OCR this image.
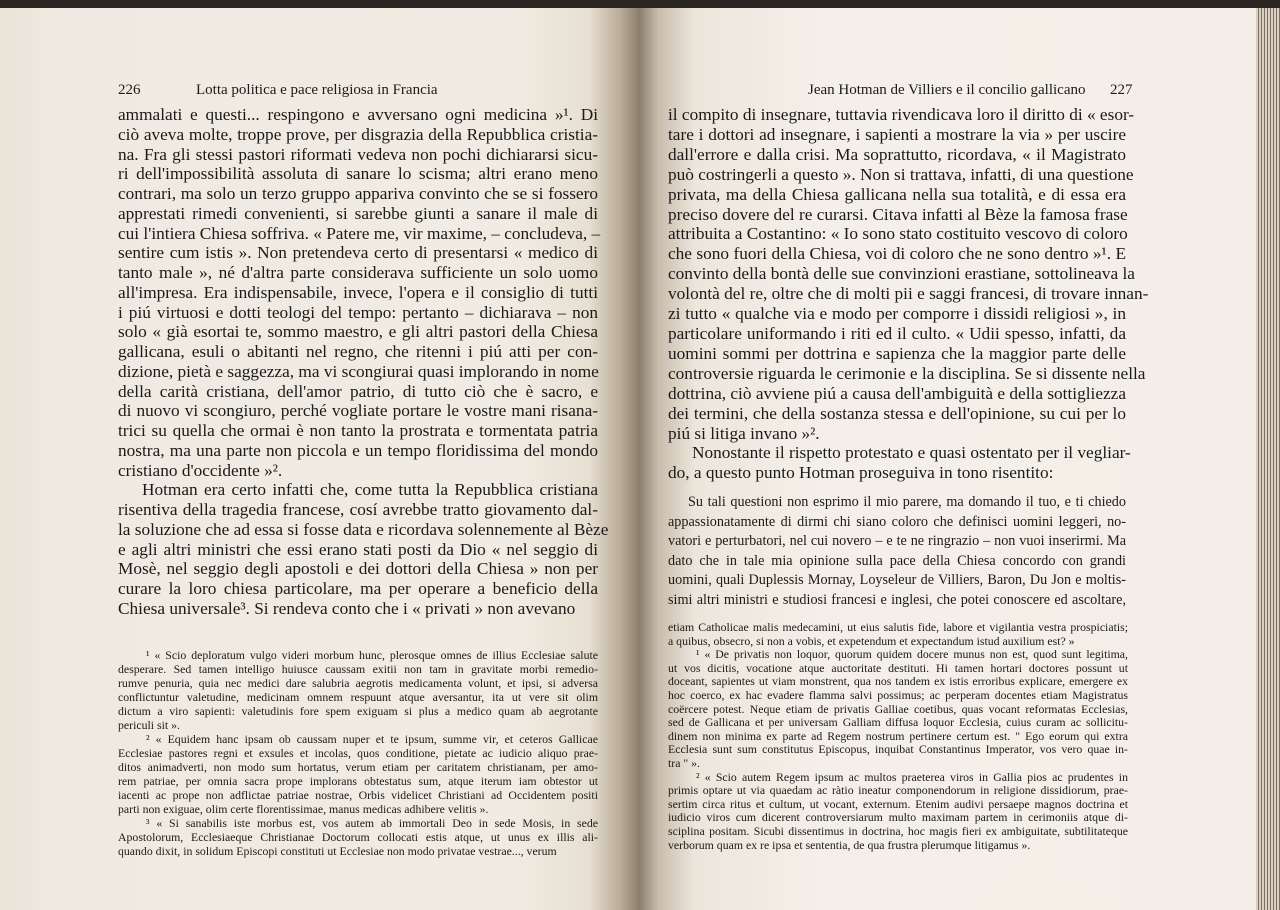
226	Lotta politica e pace religiosa in Francia
ammalati e questi... respingono e avversano ogni medicina »¹. Di
ciò aveva molte, troppe prove, per disgrazia della Repubblica cristia-
na. Fra gli stessi pastori riformati vedeva non pochi dichiararsi sicu-
ri dell'impossibilità assoluta di sanare lo scisma; altri erano meno
contrari, ma solo un terzo gruppo appariva convinto che se si fossero
apprestati rimedi convenienti, si sarebbe giunti a sanare il male di
cui l'intiera Chiesa soffriva. « Patere me, vir maxime, – concludeva, –
sentire cum istis ». Non pretendeva certo di presentarsi « medico di
tanto male », né d'altra parte considerava sufficiente un solo uomo
all'impresa. Era indispensabile, invece, l'opera e il consiglio di tutti
i piú virtuosi e dotti teologi del tempo: pertanto – dichiarava – non
solo « già esortai te, sommo maestro, e gli altri pastori della Chiesa
gallicana, esuli o abitanti nel regno, che ritenni i piú atti per con-
dizione, pietà e saggezza, ma vi scongiurai quasi implorando in nome
della carità cristiana, dell'amor patrio, di tutto ciò che è sacro, e
di nuovo vi scongiuro, perché vogliate portare le vostre mani risana-
trici su quella che ormai è non tanto la prostrata e tormentata patria
nostra, ma una parte non piccola e un tempo floridissima del mondo
cristiano d'occidente »².
Hotman era certo infatti che, come tutta la Repubblica cristiana
risentiva della tragedia francese, cosí avrebbe tratto giovamento dal-
la soluzione che ad essa si fosse data e ricordava solennemente al Bèze
e agli altri ministri che essi erano stati posti da Dio « nel seggio di
Mosè, nel seggio degli apostoli e dei dottori della Chiesa » non per
curare la loro chiesa particolare, ma per operare a beneficio della
Chiesa universale³. Si rendeva conto che i « privati » non avevano
¹ « Scio deploratum vulgo videri morbum hunc, plerosque omnes de illius Ecclesiae salute
desperare. Sed tamen intelligo huiusce caussam exitii non tam in gravitate morbi remedio-
rumve penuria, quia nec medici dare salubria aegrotis medicamenta volunt, et ipsi, si adversa
conflictuntur valetudine, medicinam omnem respuunt atque aversantur, ita ut vere sit olim
dictum a viro sapienti: valetudinis fore spem exiguam si plus a medico quam ab aegrotante
periculi sit ».
² « Equidem hanc ipsam ob caussam nuper et te ipsum, summe vir, et ceteros Gallicae
Ecclesiae pastores regni et exsules et incolas, quos conditione, pietate ac iudicio aliquo prae-
ditos animadverti, non modo sum hortatus, verum etiam per caritatem christianam, per amo-
rem patriae, per omnia sacra prope implorans obtestatus sum, atque iterum iam obtestor ut
iacenti ac prope non adflictae patriae nostrae, Orbis videlicet Christiani ad Occidentem positi
parti non exiguae, olim certe florentissimae, manus medicas adhibere velitis ».
³ « Si sanabilis iste morbus est, vos autem ab immortali Deo in sede Mosis, in sede
Apostolorum, Ecclesiaeque Christianae Doctorum collocati estis atque, ut unus ex illis ali-
quando dixit, in solidum Episcopi constituti ut Ecclesiae non modo privatae vestrae..., verum
Jean Hotman de Villiers e il concilio gallicano 227
il compito di insegnare, tuttavia rivendicava loro il diritto di « esor-
tare i dottori ad insegnare, i sapienti a mostrare la via » per uscire
dall'errore e dalla crisi. Ma soprattutto, ricordava, « il Magistrato
può costringerli a questo ». Non si trattava, infatti, di una questione
privata, ma della Chiesa gallicana nella sua totalità, e di essa era
preciso dovere del re curarsi. Citava infatti al Bèze la famosa frase
attribuita a Costantino: « Io sono stato costituito vescovo di coloro
che sono fuori della Chiesa, voi di coloro che ne sono dentro »¹. E
convinto della bontà delle sue convinzioni erastiane, sottolineava la
volontà del re, oltre che di molti pii e saggi francesi, di trovare innan-
zi tutto « qualche via e modo per comporre i dissidi religiosi », in
particolare uniformando i riti ed il culto. « Udii spesso, infatti, da
uomini sommi per dottrina e sapienza che la maggior parte delle
controversie riguarda le cerimonie e la disciplina. Se si dissente nella
dottrina, ciò avviene piú a causa dell'ambiguità e della sottigliezza
dei termini, che della sostanza stessa e dell'opinione, su cui per lo
piú si litiga invano »².
Nonostante il rispetto protestato e quasi ostentato per il vegliar-
do, a questo punto Hotman proseguiva in tono risentito:
Su tali questioni non esprimo il mio parere, ma domando il tuo, e ti chiedo
appassionatamente di dirmi chi siano coloro che definisci uomini leggeri, no-
vatori e perturbatori, nel cui novero – e te ne ringrazio – non vuoi inserirmi. Ma
dato che in tale mia opinione sulla pace della Chiesa concordo con grandi
uomini, quali Duplessis Mornay, Loyseleur de Villiers, Baron, Du Jon e moltis-
simi altri ministri e studiosi francesi e inglesi, che potei conoscere ed ascoltare,
etiam Catholicae malis medecamini, ut eius salutis fide, labore et vigilantia vestra prospiciatis;
a quibus, obsecro, si non a vobis, et expetendum et expectandum istud auxilium est? »
¹ « De privatis non loquor, quorum quidem docere munus non est, quod sunt legitima,
ut vos dicitis, vocatione atque auctoritate destituti. Hi tamen hortari doctores possunt ut
doceant, sapientes ut viam monstrent, qua nos tandem ex istis erroribus explicare, emergere ex
hoc coerco, ex hac evadere flamma salvi possimus; ac perperam docentes etiam Magistratus
coërcere potest. Neque etiam de privatis Galliae coetibus, quas vocant reformatas Ecclesias,
sed de Gallicana et per universam Galliam diffusa loquor Ecclesia, cuius curam ac sollicitu-
dinem non minima ex parte ad Regem nostrum pertinere certum est. " Ego eorum qui extra
Ecclesia sunt sum constitutus Episcopus, inquibat Constantinus Imperator, vos vero quae in-
tra " ».
² « Scio autem Regem ipsum ac multos praeterea viros in Gallia pios ac prudentes in
primis optare ut via quaedam ac ràtio ineatur componendorum in religione dissidiorum, prae-
sertim circa ritus et cultum, ut vocant, externum. Etenim audivi persaepe magnos doctrina et
iudicio viros cum dicerent controversiarum multo maximam partem in cerimoniis atque di-
sciplina positam. Sicubi dissentimus in doctrina, hoc magis fieri ex ambiguitate, subtilitateque
verborum quam ex re ipsa et sententia, de qua frustra plerumque litigamus ».
